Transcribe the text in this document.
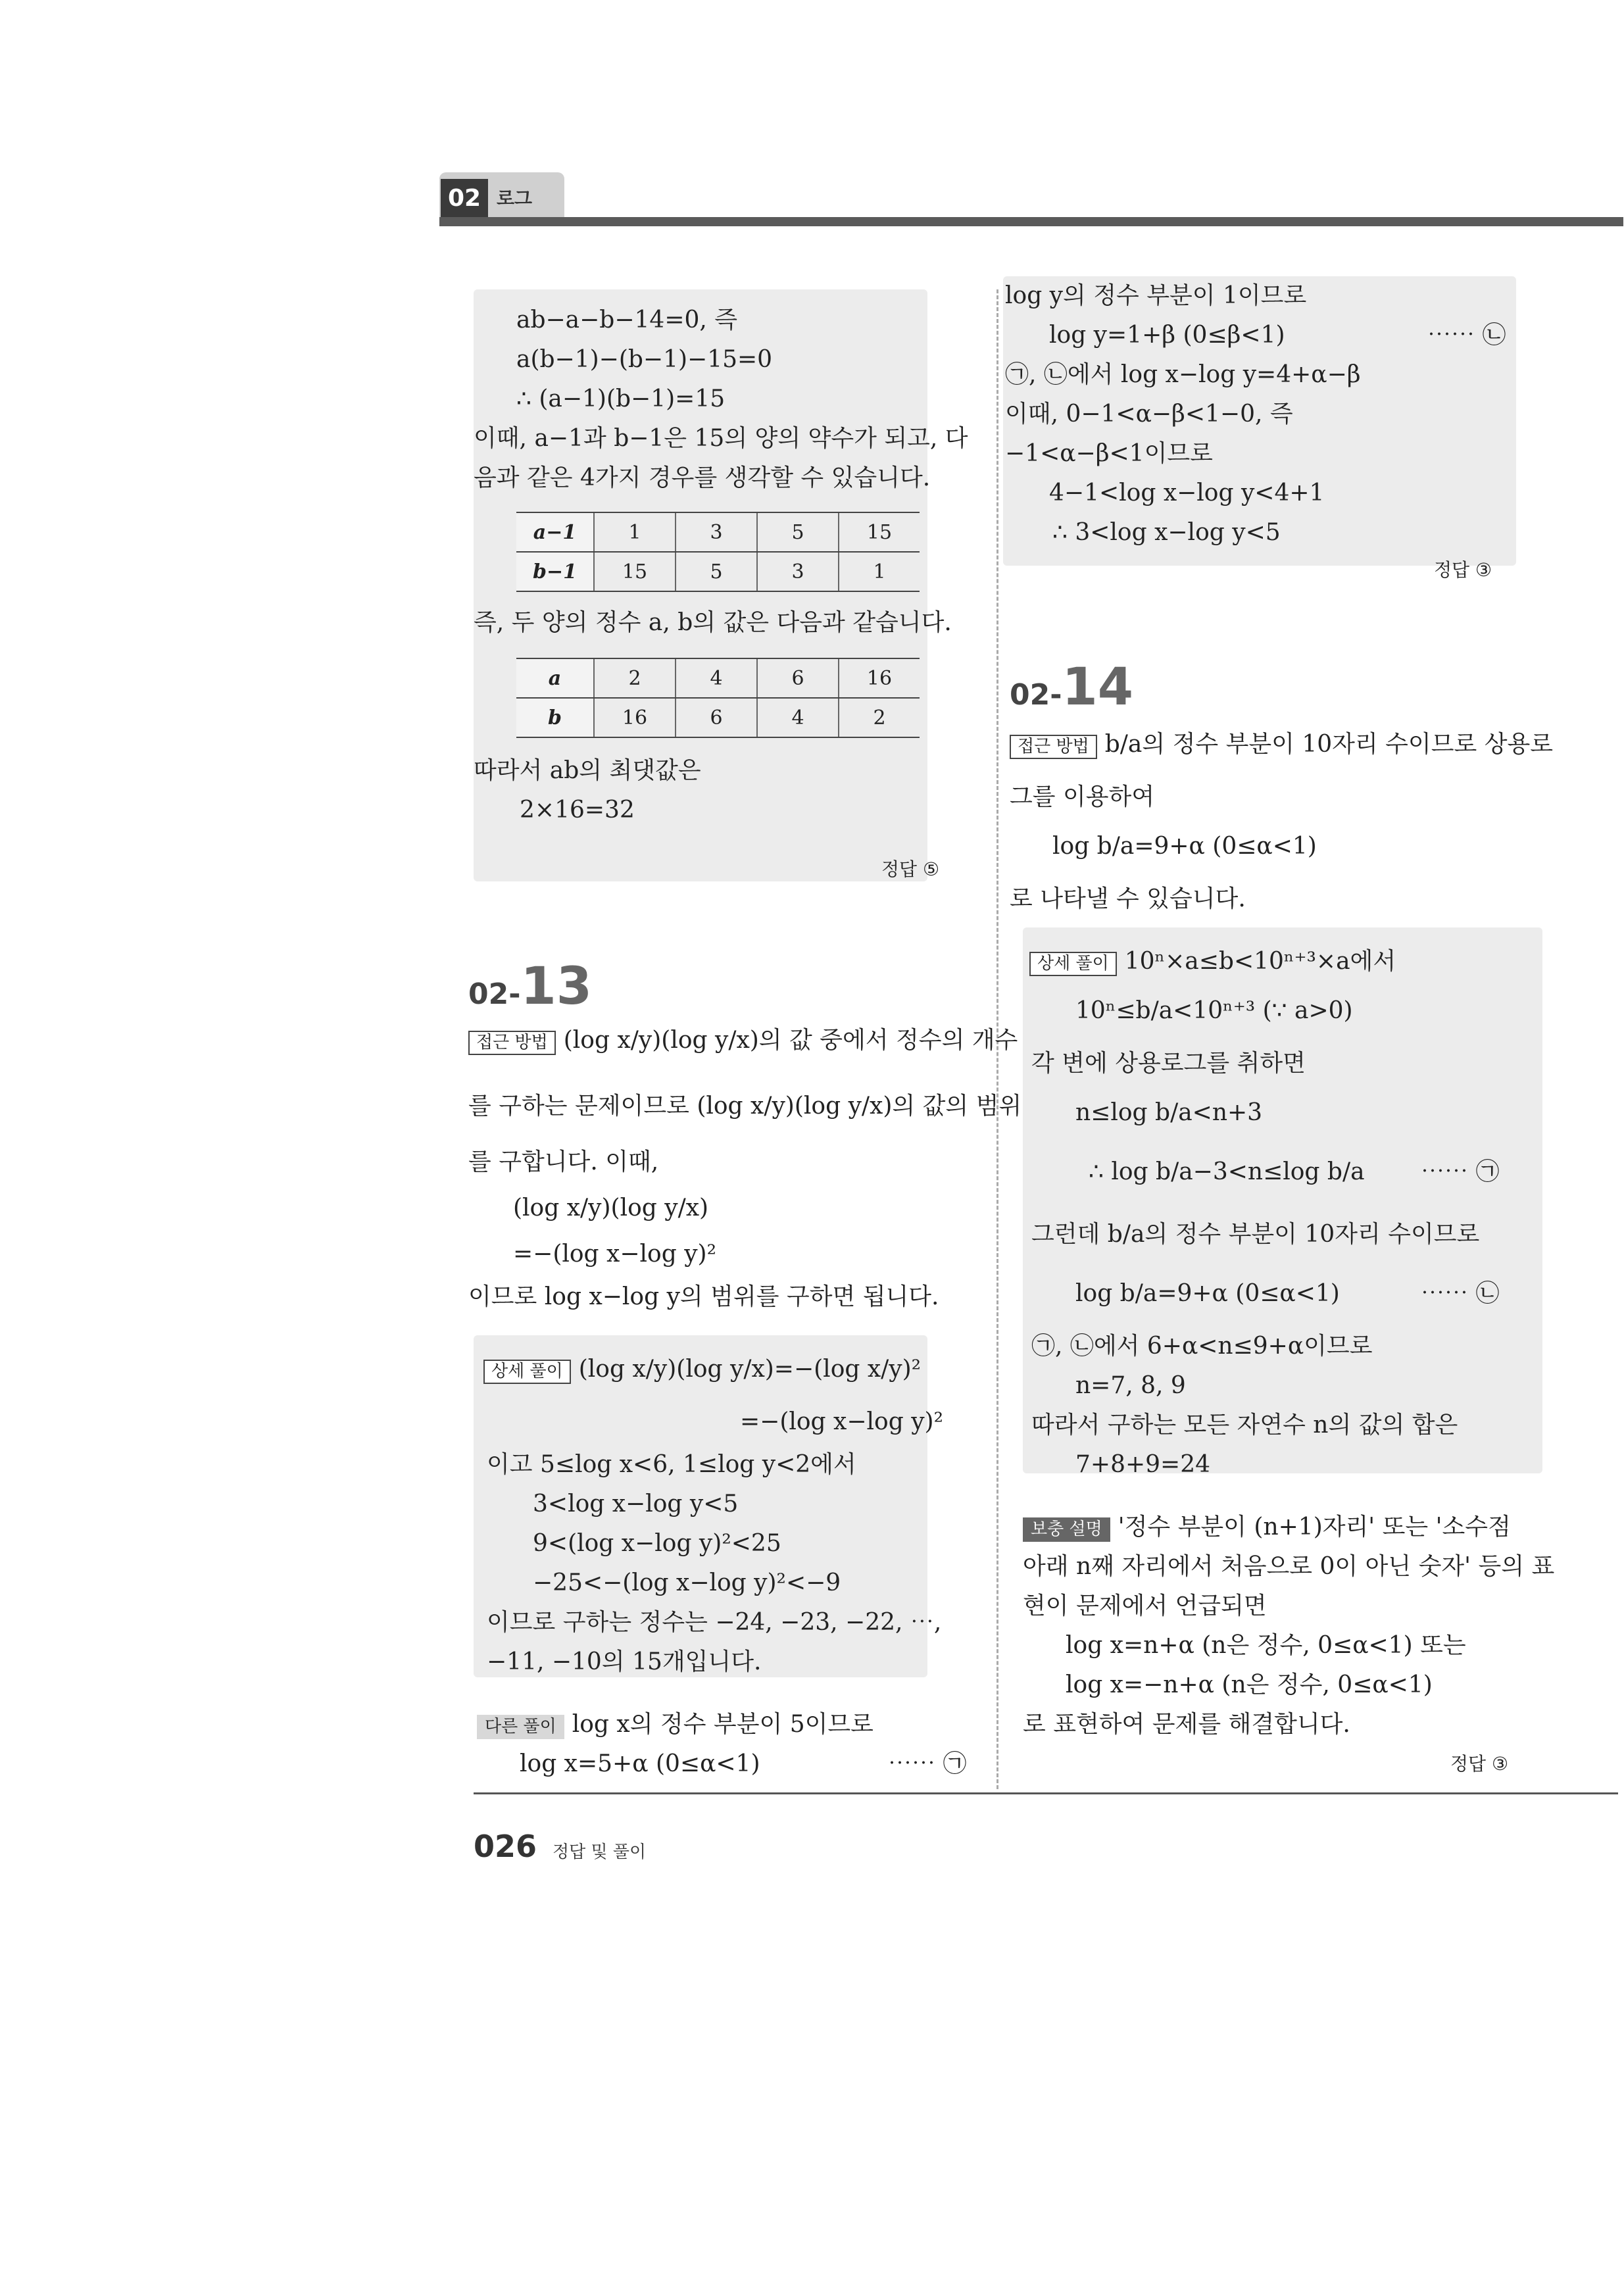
02 로그
ab−a−b−14=0, 즉
a(b−1)−(b−1)−15=0
∴ (a−1)(b−1)=15
이때, a−1과 b−1은 15의 양의 약수가 되고, 다
음과 같은 4가지 경우를 생각할 수 있습니다.
a−1	1	3	5	15
b−1	15	5	3	1
즉, 두 양의 정수 a, b의 값은 다음과 같습니다.
a	2	4	6	16
b	16	6	4	2
따라서 ab의 최댓값은
2×16=32
정답 ⑤
02-13
접근 방법 (log x/y)(log y/x)의 값 중에서 정수의 개수
를 구하는 문제이므로 (log x/y)(log y/x)의 값의 범위
를 구합니다. 이때,
(log x/y)(log y/x)
=−(log x−log y)²
이므로 log x−log y의 범위를 구하면 됩니다.
상세 풀이 (log x/y)(log y/x)=−(log x/y)²
=−(log x−log y)²
이고 5≤log x<6, 1≤log y<2에서
3<log x−log y<5
9<(log x−log y)²<25
−25<−(log x−log y)²<−9
이므로 구하는 정수는 −24, −23, −22, ⋯,
−11, −10의 15개입니다.
다른 풀이 log x의 정수 부분이 5이므로
log x=5+α (0≤α<1)	⋯⋯ ㉠
log y의 정수 부분이 1이므로
log y=1+β (0≤β<1)	⋯⋯ ㉡
㉠, ㉡에서 log x−log y=4+α−β
이때, 0−1<α−β<1−0, 즉
−1<α−β<1이므로
4−1<log x−log y<4+1
∴ 3<log x−log y<5
정답 ③
02-14
접근 방법 b/a의 정수 부분이 10자리 수이므로 상용로
그를 이용하여
log b/a=9+α (0≤α<1)
로 나타낼 수 있습니다.
상세 풀이 10ⁿ×a≤b<10ⁿ⁺³×a에서
10ⁿ≤b/a<10ⁿ⁺³ (∵ a>0)
각 변에 상용로그를 취하면
n≤log b/a<n+3
∴ log b/a−3<n≤log b/a ⋯⋯ ㉠
그런데 b/a의 정수 부분이 10자리 수이므로
log b/a=9+α (0≤α<1)	⋯⋯ ㉡
㉠, ㉡에서 6+α<n≤9+α이므로
n=7, 8, 9
따라서 구하는 모든 자연수 n의 값의 합은
7+8+9=24
보충 설명 '정수 부분이 (n+1)자리' 또는 '소수점
아래 n째 자리에서 처음으로 0이 아닌 숫자' 등의 표
현이 문제에서 언급되면
log x=n+α (n은 정수, 0≤α<1) 또는
log x=−n+α (n은 정수, 0≤α<1)
로 표현하여 문제를 해결합니다.
정답 ③
026 정답 및 풀이
